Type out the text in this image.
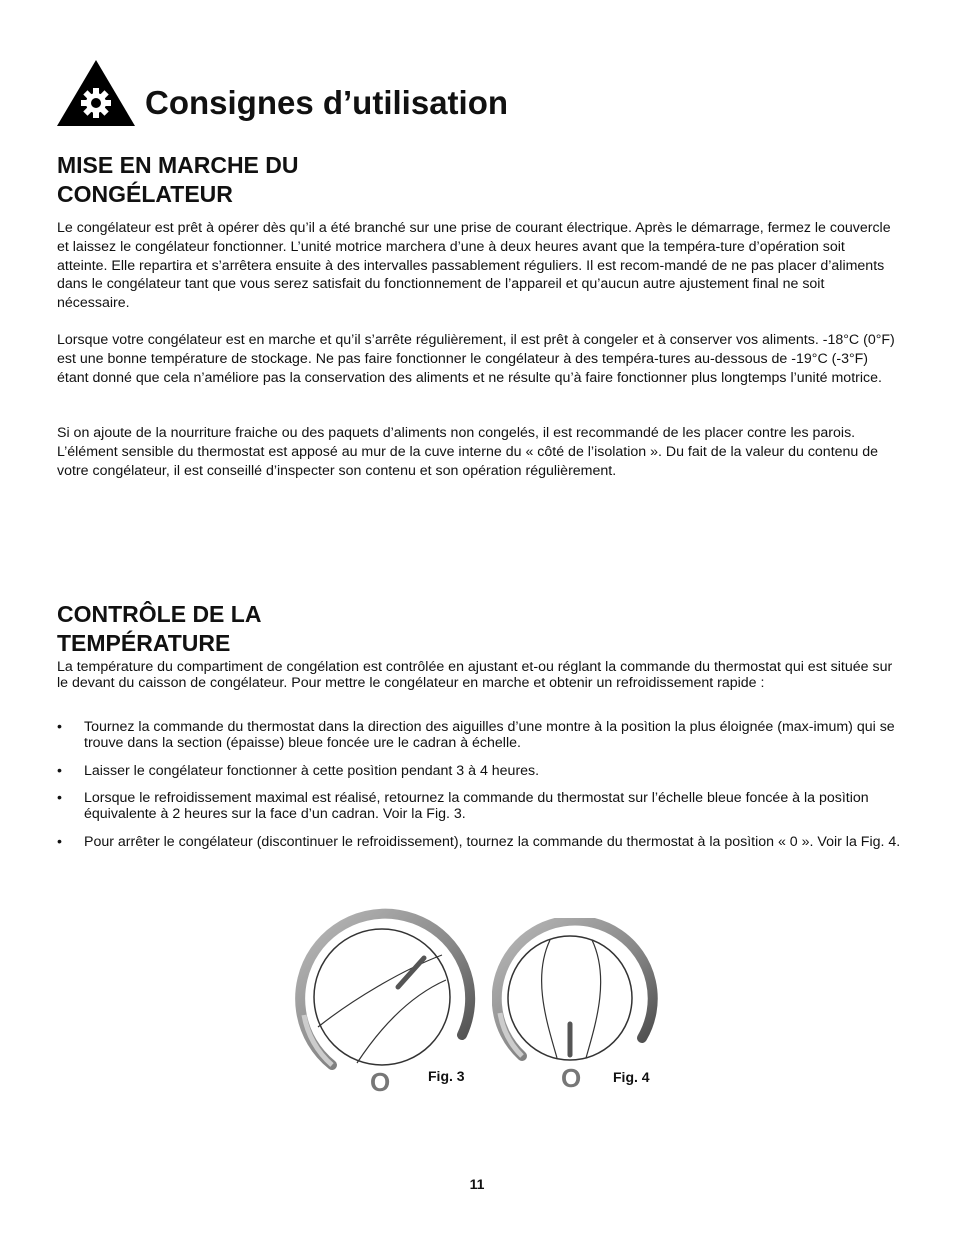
Consignes d’utilisation
MISE EN MARCHE DU
CONGÉLATEUR

Le congélateur est prêt à opérer dès qu’il a été branché sur une prise de courant électrique. Après le démarrage, fermez le couvercle et laissez le congélateur fonctionner. L’unité motrice marchera d’une à deux heures avant que la tempéra-ture d’opération soit atteinte. Elle repartira et s’arrêtera ensuite à des intervalles passablement réguliers. Il est recom-mandé de ne pas placer d’aliments dans le congélateur tant que vous serez satisfait du fonctionnement de l’appareil et qu’aucun autre ajustement final ne soit nécessaire.

Lorsque votre congélateur est en marche et qu’il s’arrête régulièrement, il est prêt à congeler et à conserver vos aliments. -18°C (0°F) est une bonne température de stockage. Ne pas faire fonctionner le congélateur à des tempéra-tures au-dessous de -19°C (-3°F) étant donné que cela n’améliore pas la conservation des aliments et ne résulte qu’à faire fonctionner plus longtemps l’unité motrice.

Si on ajoute de la nourriture fraiche ou des paquets d’aliments non congelés, il est recommandé de les placer contre les parois. L’élément sensible du thermostat est apposé au mur de la cuve interne du « côté de l’isolation ». Du fait de la valeur du contenu de votre congélateur, il est conseillé d’inspecter son contenu et son opération régulièrement.

CONTRÔLE DE LA
TEMPÉRATURE

La température du compartiment de congélation est contrôlée en ajustant et-ou réglant la commande du thermostat qui est située sur le devant du caisson de congélateur. Pour mettre le congélateur en marche et obtenir un refroidissement rapide :

• Tournez la commande du thermostat dans la direction des aiguilles d’une montre à la posìtion la plus éloignée (max-imum) qui se trouve dans la section (épaisse) bleue foncée ure le cadran à échelle.
• Laisser le congélateur fonctionner à cette posìtion pendant 3 à 4 heures.
• Lorsque le refroidissement maximal est réalisé, retournez la commande du thermostat sur l’échelle bleue foncée à la posìtion équivalente à 2 heures sur la face d’un cadran. Voir la Fig. 3.
• Pour arrêter le congélateur (discontinuer le refroidissement), tournez la commande du thermostat à la posìtion « 0 ». Voir la Fig. 4.
O	Fig. 3	O Fig. 4
11
